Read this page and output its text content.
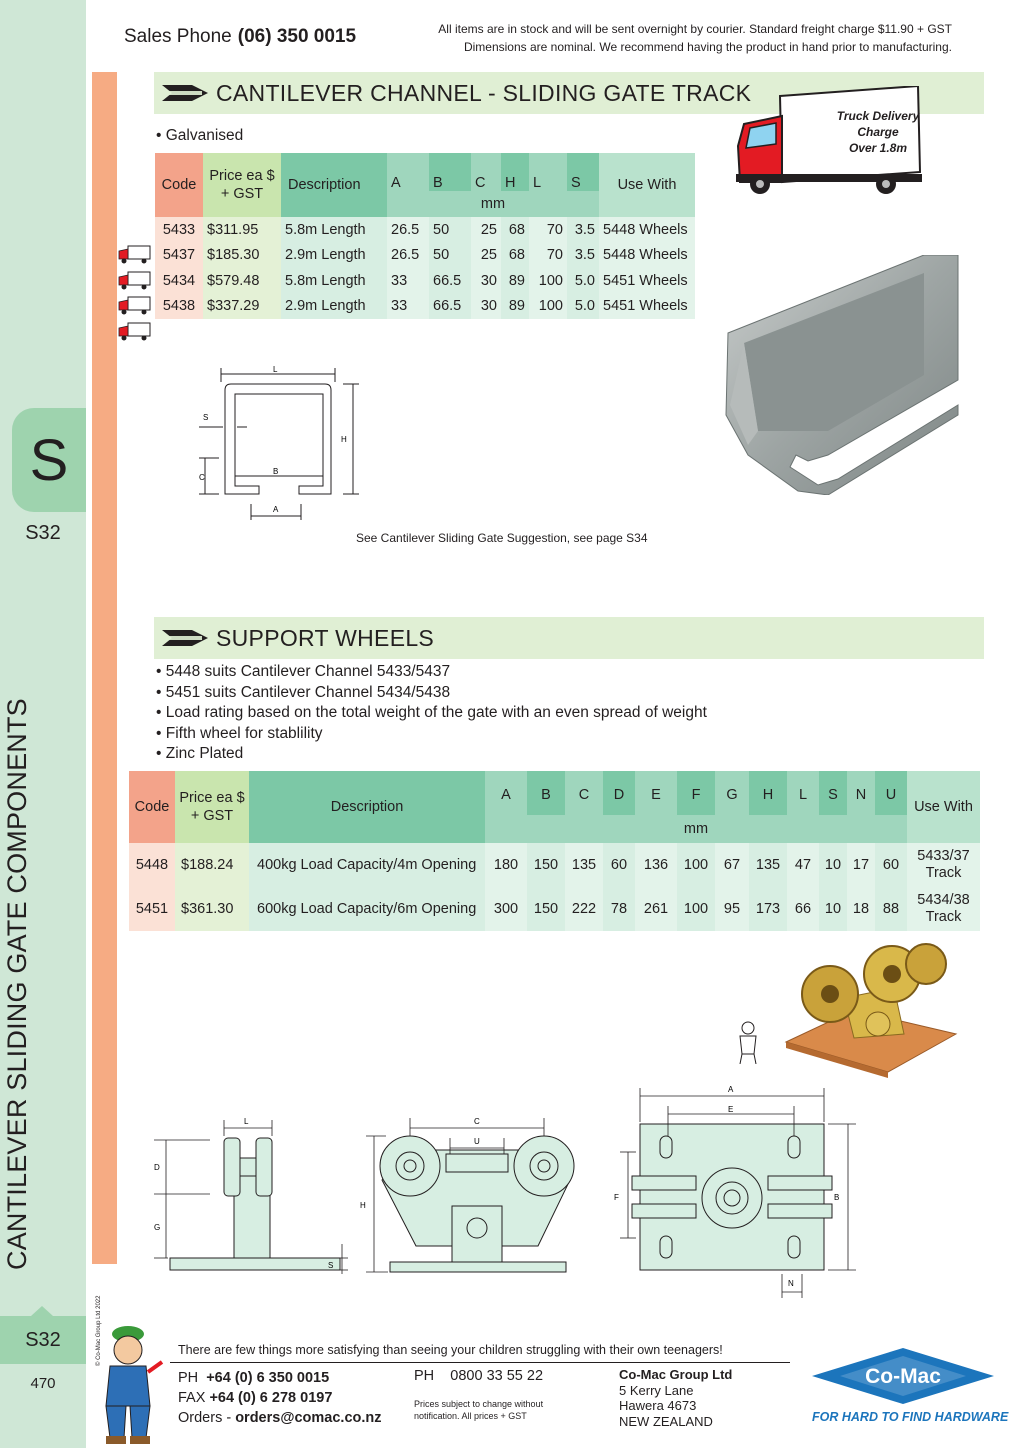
S
S32
CANTILEVER SLIDING GATE COMPONENTS
S32
470
© Co-Mac Group Ltd 2022
Sales Phone (06) 350 0015	All items are in stock and will be sent overnight by courier. Standard freight charge $11.90 + GST
Dimensions are nominal. We recommend having the product in hand prior to manufacturing.
CANTILEVER CHANNEL - SLIDING GATE TRACK
Truck Delivery
Charge
Over 1.8m
• Galvanised
Code	Price ea $ + GST	Description	A	B	C	H	L	S	Use With
			mm						
5433	$311.95	5.8m Length	26.5	50	25	68	70	3.5	5448 Wheels
5437	$185.30	2.9m Length	26.5	50	25	68	70	3.5	5448 Wheels
5434	$579.48	5.8m Length	33	66.5	30	89	100	5.0	5451 Wheels
5438	$337.29	2.9m Length	33	66.5	30	89	100	5.0	5451 Wheels
L
S
H
C
B
A
See Cantilever Sliding Gate Suggestion, see page S34
SUPPORT WHEELS
• 5448 suits Cantilever Channel 5433/5437
• 5451 suits Cantilever Channel 5434/5438
• Load rating based on the total weight of the gate with an even spread of weight
• Fifth wheel for stablility
• Zinc Plated
Code	Price ea $ + GST	Description	A	B	C	D	E	F	G	H	L	S	N	U	Use With
			mm												
5448	$188.24	400kg Load Capacity/4m Opening	180	150	135	60	136	100	67	135	47	10	17	60	5433/37
Track

5451	$361.30	600kg Load Capacity/6m Opening	300	150	222	78	261	100	95	173	66	10	18	88	5434/38
Track
L
D
G
S
C
U
H
A
E
F	B
N
There are few things more satisfying than seeing your children struggling with their own teenagers!
PH +64 (0) 6 350 0015
FAX +64 (0) 6 278 0197
Orders - orders@comac.co.nz
PH 0800 33 55 22
Prices subject to change without
notification. All prices + GST
Co-Mac Group Ltd
5 Kerry Lane
Hawera 4673
NEW ZEALAND
Co-Mac
FOR HARD TO FIND HARDWARE
